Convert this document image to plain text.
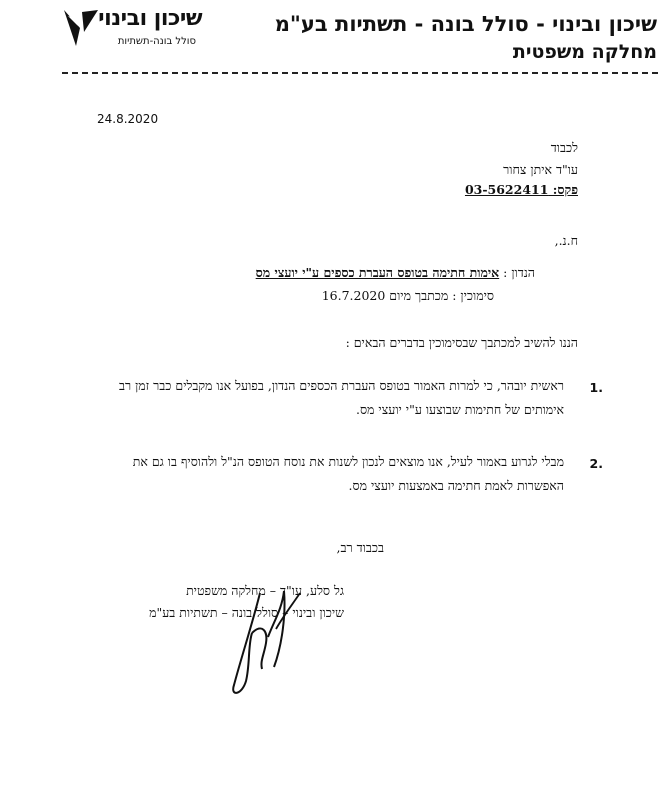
שיכון ובינוי
סולל בונה-תשתיות
שיכון ובינוי - סולל בונה - תשתיות בע"מ
מחלקה משפטית
24.8.2020
לכבוד
עו"ד איתן צחור
פקס: 03-5622411
ח.נ.,
הנדון : אימות חתימה בטופס העברת כספים ע"י יועצי מס
סימוכין : מכתבך מיום 16.7.2020
הננו להשיב למכתבך שבסימוכין בדברים הבאים :
1.
ראשית יובהר, כי למרות האמור בטופס העברת הכספים הנדון, בפועל אנו מקבלים כבר זמן רב אימותים של חתימות שבוצעו ע"י יועצי מס.
2.
מבלי לגרוע באמור לעיל, אנו מוצאים לנכון לשנות את נוסח הטופס הנ"ל ולהוסיף בו גם את האפשרות לאמת חתימה באמצעות יועצי מס.
בכבוד רב,
גל סלע, עו"ד – מחלקה משפטית
שיכון ובינוי – סולל בונה – תשתיות בע"מ
